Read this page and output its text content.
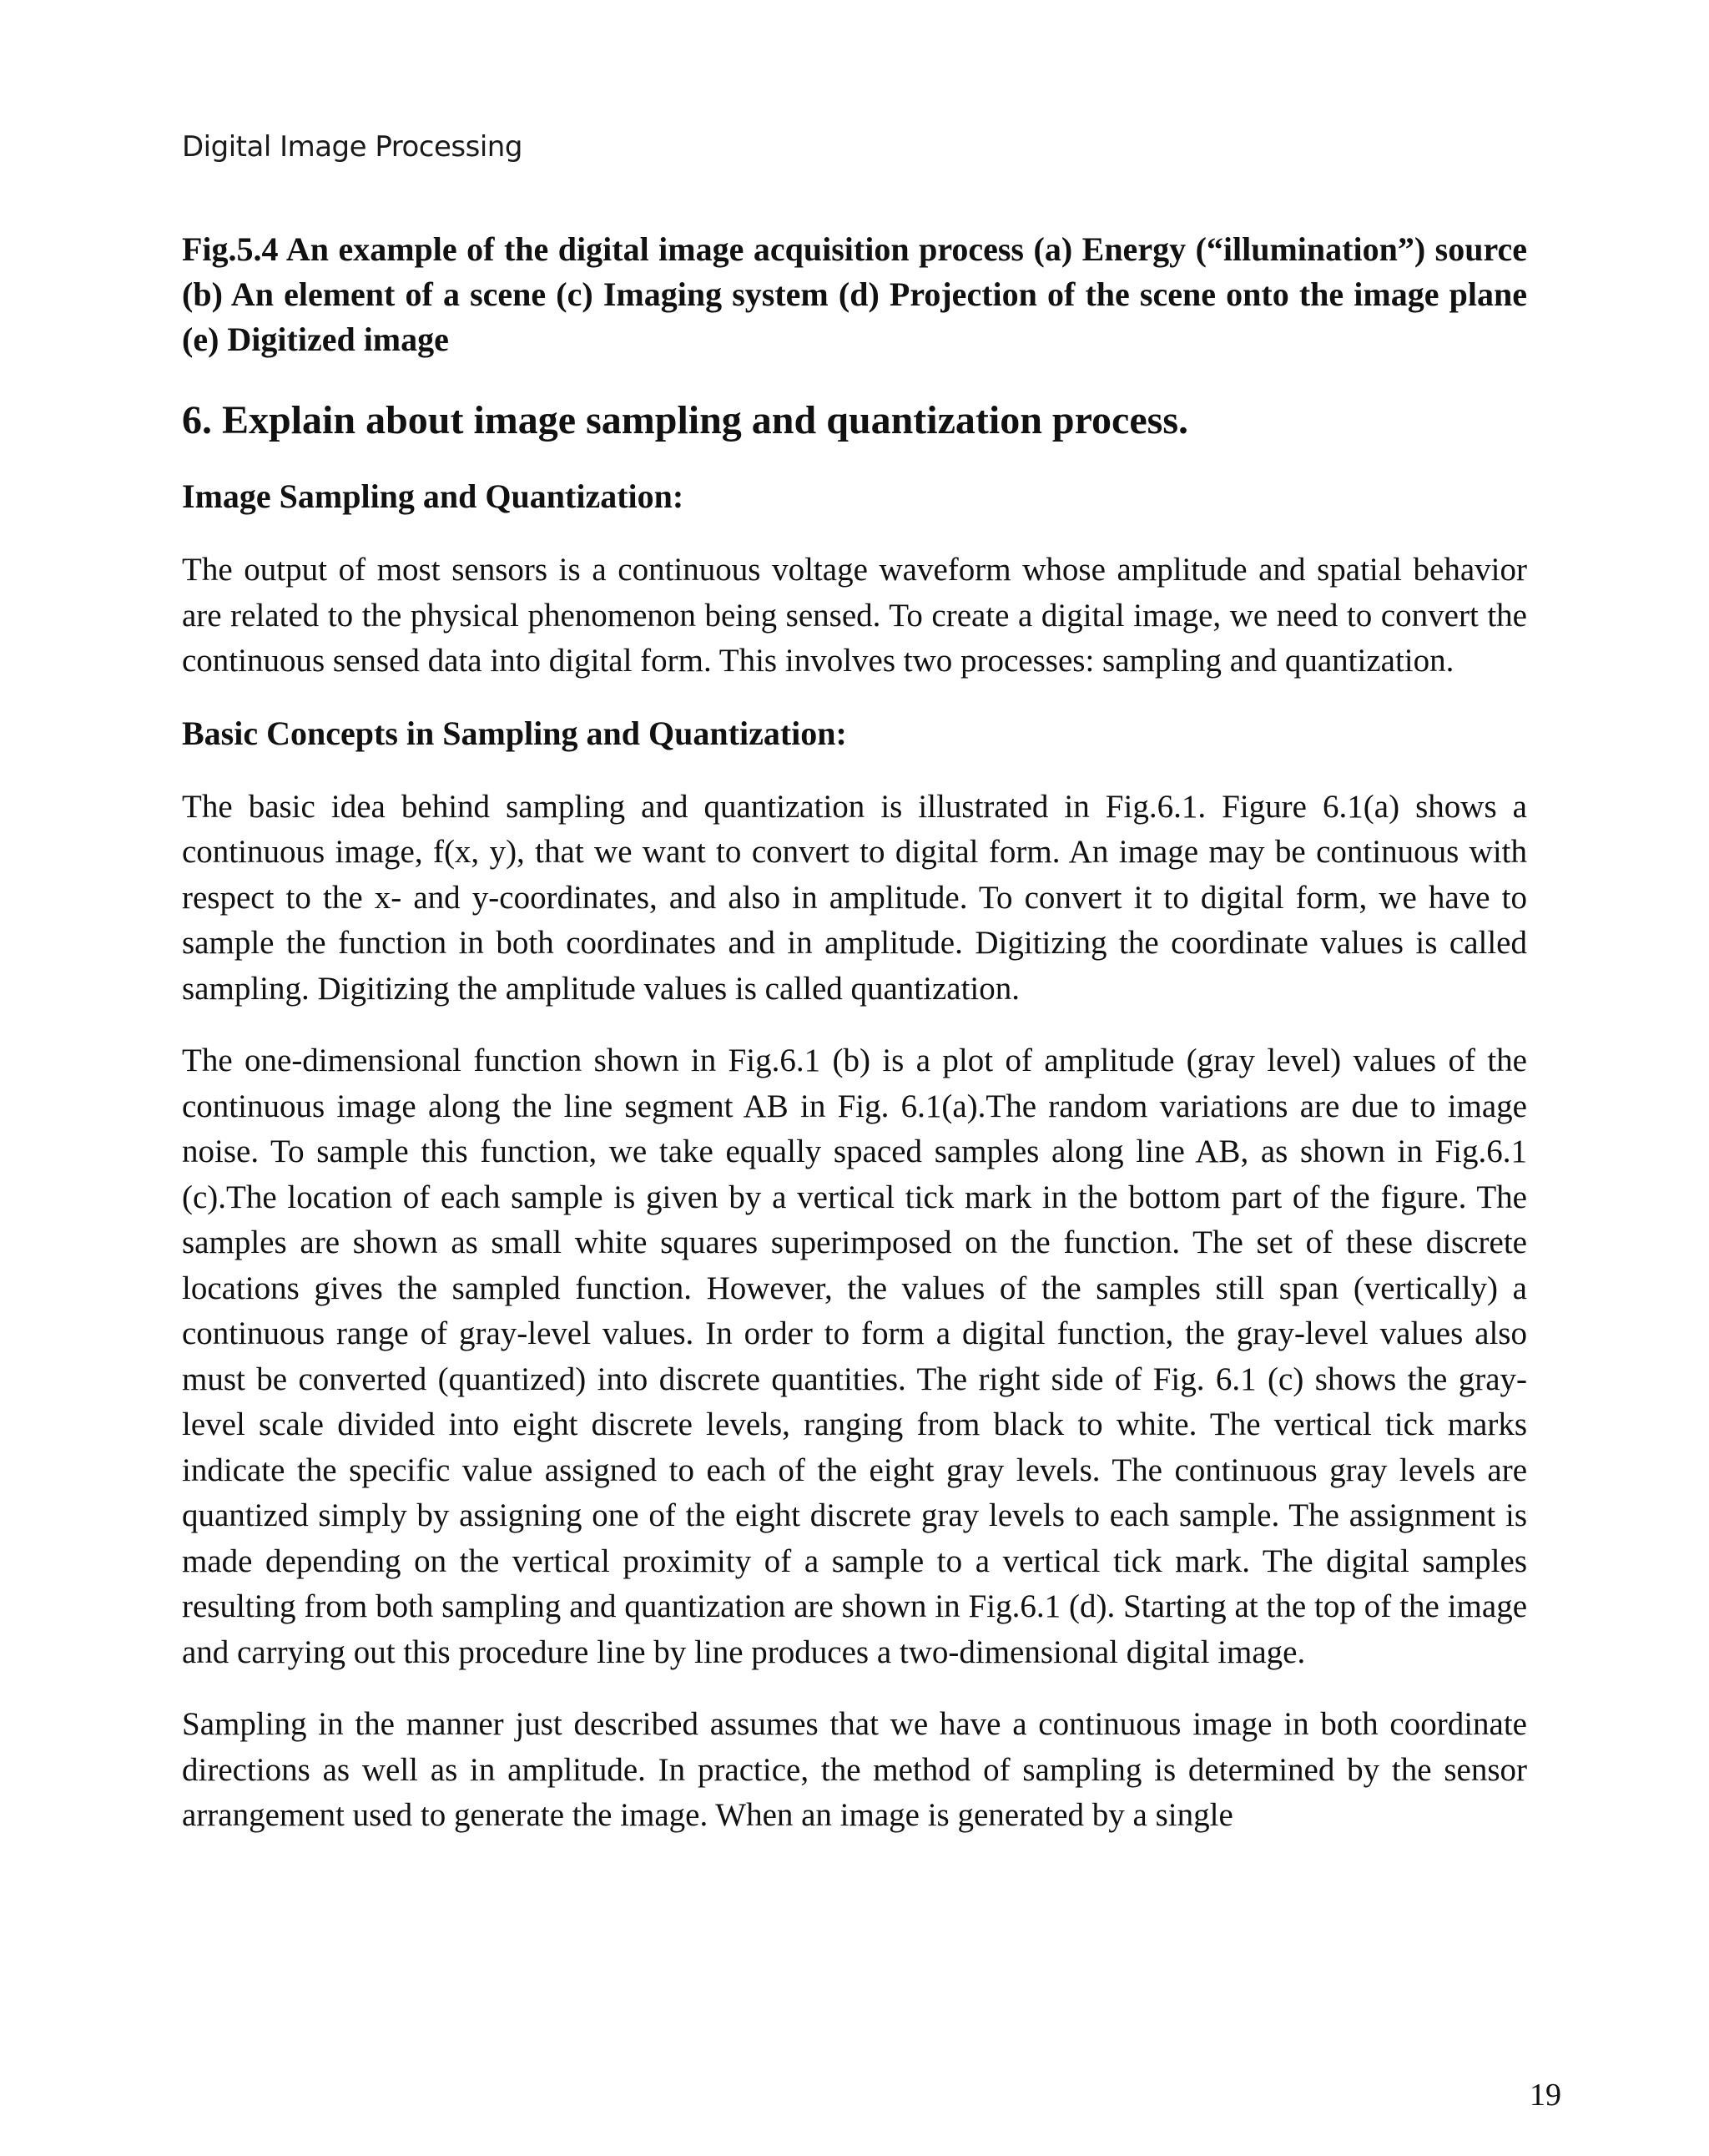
Digital Image Processing

Fig.5.4 An example of the digital image acquisition process (a) Energy (“illumination”) source (b) An element of a scene (c) Imaging system (d) Projection of the scene onto the image plane (e) Digitized image

6. Explain about image sampling and quantization process.
Image Sampling and Quantization:

The output of most sensors is a continuous voltage waveform whose amplitude and spatial behavior are related to the physical phenomenon being sensed. To create a digital image, we need to convert the continuous sensed data into digital form. This involves two processes: sampling and quantization.

Basic Concepts in Sampling and Quantization:

The basic idea behind sampling and quantization is illustrated in Fig.6.1. Figure 6.1(a) shows a continuous image, f(x, y), that we want to convert to digital form. An image may be continuous with respect to the x- and y-coordinates, and also in amplitude. To convert it to digital form, we have to sample the function in both coordinates and in amplitude. Digitizing the coordinate values is called sampling. Digitizing the amplitude values is called quantization.

The one-dimensional function shown in Fig.6.1 (b) is a plot of amplitude (gray level) values of the continuous image along the line segment AB in Fig. 6.1(a).The random variations are due to image noise. To sample this function, we take equally spaced samples along line AB, as shown in Fig.6.1 (c).The location of each sample is given by a vertical tick mark in the bottom part of the figure. The samples are shown as small white squares superimposed on the function. The set of these discrete locations gives the sampled function. However, the values of the samples still span (vertically) a continuous range of gray-level values. In order to form a digital function, the gray-level values also must be converted (quantized) into discrete quantities. The right side of Fig. 6.1 (c) shows the gray-level scale divided into eight discrete levels, ranging from black to white. The vertical tick marks indicate the specific value assigned to each of the eight gray levels. The continuous gray levels are quantized simply by assigning one of the eight discrete gray levels to each sample. The assignment is made depending on the vertical proximity of a sample to a vertical tick mark. The digital samples resulting from both sampling and quantization are shown in Fig.6.1 (d). Starting at the top of the image and carrying out this procedure line by line produces a two-dimensional digital image.

Sampling in the manner just described assumes that we have a continuous image in both coordinate directions as well as in amplitude. In practice, the method of sampling is determined by the sensor arrangement used to generate the image. When an image is generated by a single

19
